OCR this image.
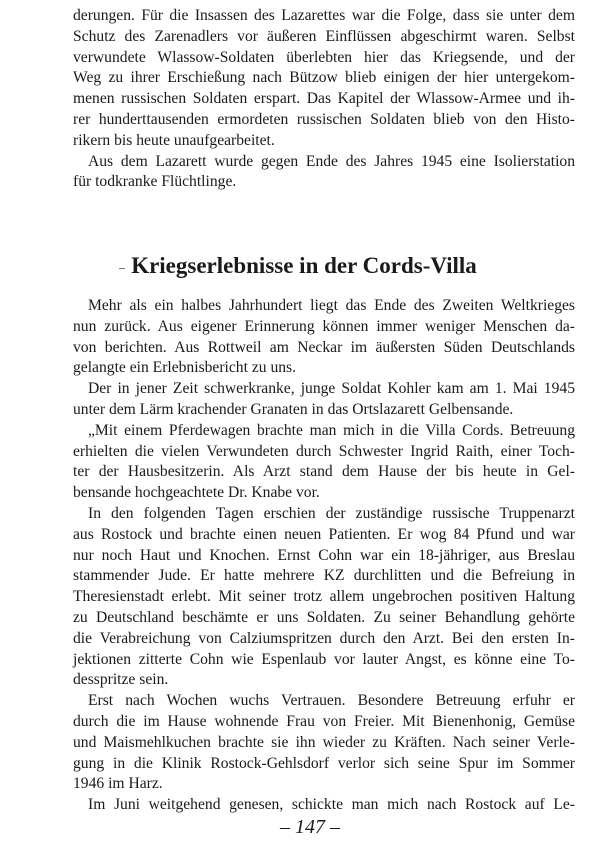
derungen. Für die Insassen des Lazarettes war die Folge, dass sie unter dem
Schutz des Zarenadlers vor äußeren Einflüssen abgeschirmt waren. Selbst
verwundete Wlassow-Soldaten überlebten hier das Kriegsende, und der
Weg zu ihrer Erschießung nach Bützow blieb einigen der hier untergekom-
menen russischen Soldaten erspart. Das Kapitel der Wlassow-Armee und ih-
rer hunderttausenden ermordeten russischen Soldaten blieb von den Histo-
rikern bis heute unaufgearbeitet.
Aus dem Lazarett wurde gegen Ende des Jahres 1945 eine Isolierstation
für todkranke Flüchtlinge.
Kriegserlebnisse in der Cords-Villa
Mehr als ein halbes Jahrhundert liegt das Ende des Zweiten Weltkrieges
nun zurück. Aus eigener Erinnerung können immer weniger Menschen da-
von berichten. Aus Rottweil am Neckar im äußersten Süden Deutschlands
gelangte ein Erlebnisbericht zu uns.
Der in jener Zeit schwerkranke, junge Soldat Kohler kam am 1. Mai 1945
unter dem Lärm krachender Granaten in das Ortslazarett Gelbensande.
„Mit einem Pferdewagen brachte man mich in die Villa Cords. Betreuung
erhielten die vielen Verwundeten durch Schwester Ingrid Raith, einer Toch-
ter der Hausbesitzerin. Als Arzt stand dem Hause der bis heute in Gel-
bensande hochgeachtete Dr. Knabe vor.
In den folgenden Tagen erschien der zuständige russische Truppenarzt
aus Rostock und brachte einen neuen Patienten. Er wog 84 Pfund und war
nur noch Haut und Knochen. Ernst Cohn war ein 18-jähriger, aus Breslau
stammender Jude. Er hatte mehrere KZ durchlitten und die Befreiung in
Theresienstadt erlebt. Mit seiner trotz allem ungebrochen positiven Haltung
zu Deutschland beschämte er uns Soldaten. Zu seiner Behandlung gehörte
die Verabreichung von Calziumspritzen durch den Arzt. Bei den ersten In-
jektionen zitterte Cohn wie Espenlaub vor lauter Angst, es könne eine To-
desspritze sein.
Erst nach Wochen wuchs Vertrauen. Besondere Betreuung erfuhr er
durch die im Hause wohnende Frau von Freier. Mit Bienenhonig, Gemüse
und Maismehlkuchen brachte sie ihn wieder zu Kräften. Nach seiner Verle-
gung in die Klinik Rostock-Gehlsdorf verlor sich seine Spur im Sommer
1946 im Harz.
Im Juni weitgehend genesen, schickte man mich nach Rostock auf Le-
– 147 –
